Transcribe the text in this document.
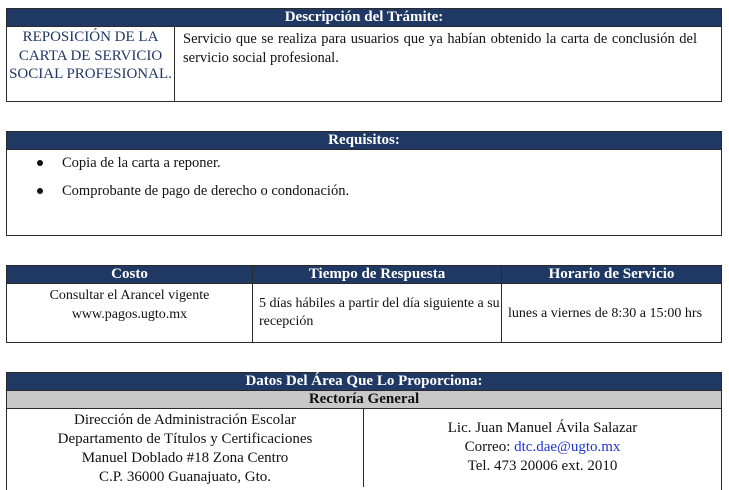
Descripción del Trámite:
REPOSICIÓN DE LA CARTA DE SERVICIO SOCIAL PROFESIONAL.
Servicio que se realiza para usuarios que ya habían obtenido la carta de conclusión del servicio social profesional.
Requisitos:
Copia de la carta a reponer.
Comprobante de pago de derecho o condonación.
Costo	Tiempo de Respuesta	Horario de Servicio
Consultar el Arancel vigente
www.pagos.ugto.mx
5 días hábiles a partir del día siguiente a su recepción
lunes a viernes de 8:30 a 15:00 hrs
Datos Del Área Que Lo Proporciona:
Rectoría General
Dirección de Administración Escolar
Departamento de Títulos y Certificaciones
Manuel Doblado #18 Zona Centro
C.P. 36000 Guanajuato, Gto.
Lic. Juan Manuel Ávila Salazar
Correo: dtc.dae@ugto.mx
Tel. 473 20006 ext. 2010
